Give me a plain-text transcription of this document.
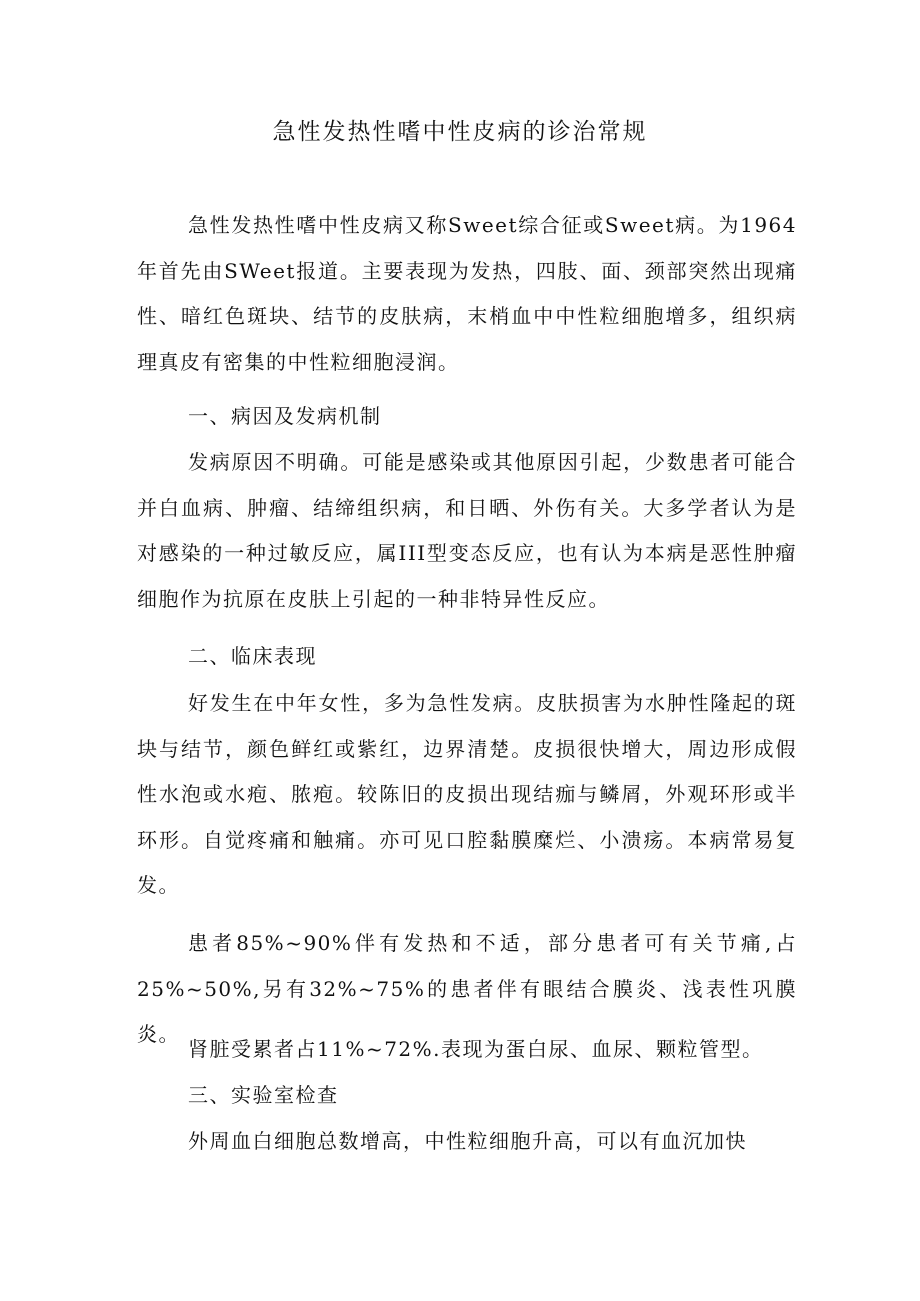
急性发热性嗜中性皮病的诊治常规

急性发热性嗜中性皮病又称Sweet综合征或Sweet病。为1964年首先由SWeet报道。主要表现为发热，四肢、面、颈部突然出现痛性、暗红色斑块、结节的皮肤病，末梢血中中性粒细胞增多，组织病理真皮有密集的中性粒细胞浸润。

一、病因及发病机制

发病原因不明确。可能是感染或其他原因引起，少数患者可能合并白血病、肿瘤、结缔组织病，和日晒、外伤有关。大多学者认为是对感染的一种过敏反应，属III型变态反应，也有认为本病是恶性肿瘤细胞作为抗原在皮肤上引起的一种非特异性反应。

二、临床表现

好发生在中年女性，多为急性发病。皮肤损害为水肿性隆起的斑块与结节，颜色鲜红或紫红，边界清楚。皮损很快增大，周边形成假性水泡或水疱、脓疱。较陈旧的皮损出现结痂与鳞屑，外观环形或半环形。自觉疼痛和触痛。亦可见口腔黏膜糜烂、小溃疡。本病常易复发。

患者85%~90%伴有发热和不适，部分患者可有关节痛,占25%~50%,另有32%~75%的患者伴有眼结合膜炎、浅表性巩膜炎。

肾脏受累者占11%~72%.表现为蛋白尿、血尿、颗粒管型。

三、实验室检查

外周血白细胞总数增高，中性粒细胞升高，可以有血沉加快
